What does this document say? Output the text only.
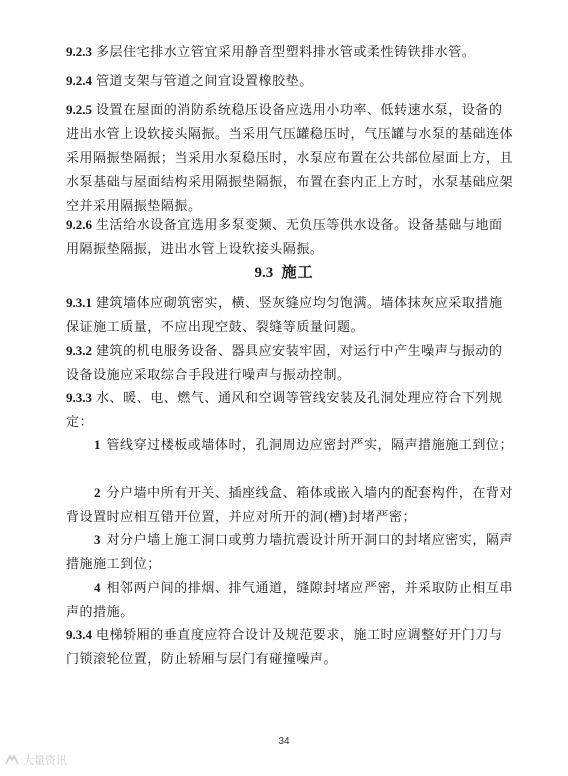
9.2.3 多层住宅排水立管宜采用静音型塑料排水管或柔性铸铁排水管。
9.2.4 管道支架与管道之间宜设置橡胶垫。
9.2.5 设置在屋面的消防系统稳压设备应选用小功率、低转速水泵，设备的进出水管上设软接头隔振。当采用气压罐稳压时，气压罐与水泵的基础连体采用隔振垫隔振；当采用水泵稳压时，水泵应布置在公共部位屋面上方，且水泵基础与屋面结构采用隔振垫隔振，布置在套内正上方时，水泵基础应架空并采用隔振垫隔振。
9.2.6 生活给水设备宜选用多泵变频、无负压等供水设备。设备基础与地面用隔振垫隔振，进出水管上设软接头隔振。
9.3 施工
9.3.1 建筑墙体应砌筑密实，横、竖灰缝应均匀饱满。墙体抹灰应采取措施保证施工质量，不应出现空鼓、裂缝等质量问题。
9.3.2 建筑的机电服务设备、器具应安装牢固，对运行中产生噪声与振动的设备设施应采取综合手段进行噪声与振动控制。
9.3.3 水、暖、电、燃气、通风和空调等管线安装及孔洞处理应符合下列规定：
1 管线穿过楼板或墙体时，孔洞周边应密封严实，隔声措施施工到位；
2 分户墙中所有开关、插座线盒、箱体或嵌入墙内的配套构件，在背对背设置时应相互错开位置，并应对所开的洞(槽)封堵严密；
3 对分户墙上施工洞口或剪力墙抗震设计所开洞口的封堵应密实，隔声措施施工到位；
4 相邻两户间的排烟、排气通道，缝隙封堵应严密，并采取防止相互串声的措施。
9.3.4 电梯轿厢的垂直度应符合设计及规范要求，施工时应调整好开门刀与门锁滚轮位置，防止轿厢与层门有碰撞噪声。
34
大量资讯
